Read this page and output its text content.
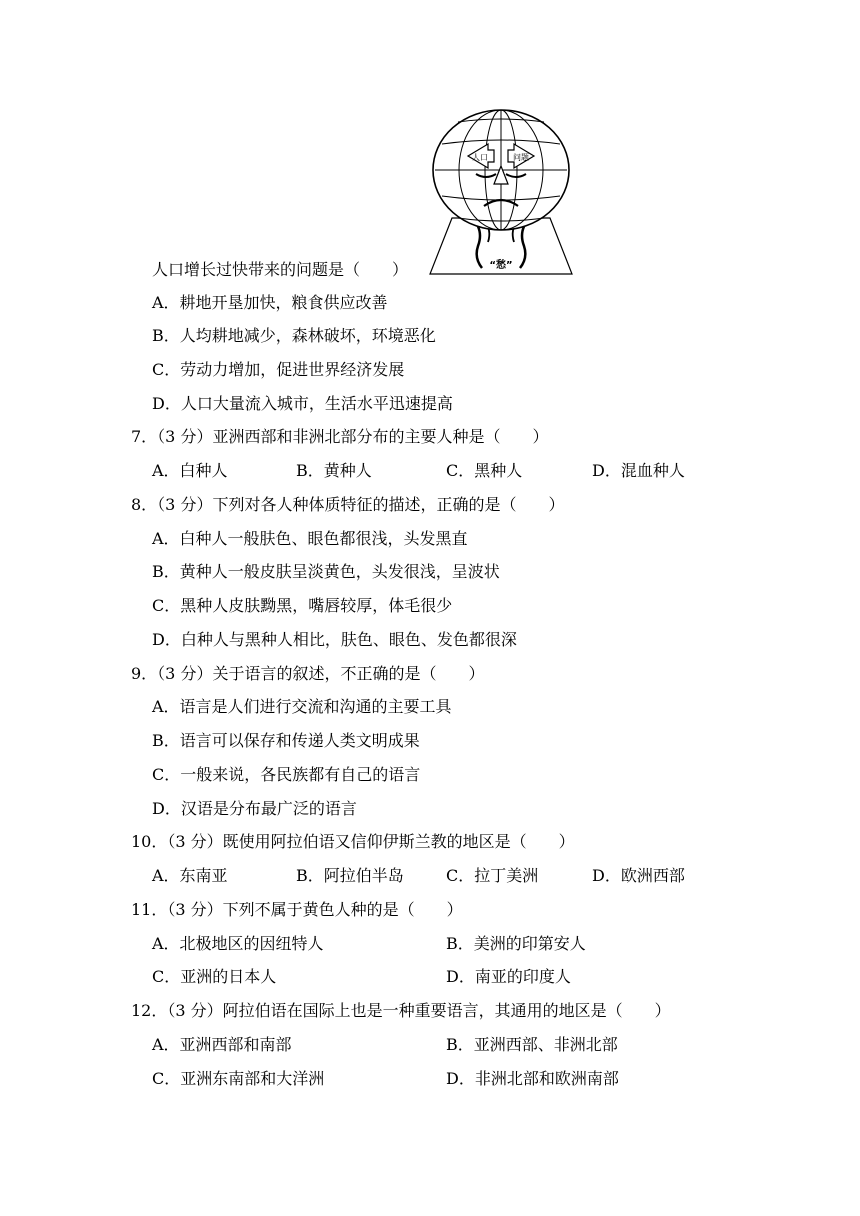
人口	问题
“愁”
人口增长过快带来的问题是（　　）
A．耕地开垦加快，粮食供应改善
B．人均耕地减少，森林破坏，环境恶化
C．劳动力增加，促进世界经济发展
D．人口大量流入城市，生活水平迅速提高
7．（3 分）亚洲西部和非洲北部分布的主要人种是（　　）
A．白种人	B．黄种人	C．黑种人	D．混血种人
8．（3 分）下列对各人种体质特征的描述，正确的是（　　）
A．白种人一般肤色、眼色都很浅，头发黑直
B．黄种人一般皮肤呈淡黄色，头发很浅，呈波状
C．黑种人皮肤黝黑，嘴唇较厚，体毛很少
D．白种人与黑种人相比，肤色、眼色、发色都很深
9．（3 分）关于语言的叙述，不正确的是（　　）
A．语言是人们进行交流和沟通的主要工具
B．语言可以保存和传递人类文明成果
C．一般来说，各民族都有自己的语言
D．汉语是分布最广泛的语言
10．（3 分）既使用阿拉伯语又信仰伊斯兰教的地区是（　　）
A．东南亚	B．阿拉伯半岛	C．拉丁美洲	D．欧洲西部
11．（3 分）下列不属于黄色人种的是（　　）
A．北极地区的因纽特人	B．美洲的印第安人
C．亚洲的日本人	D．南亚的印度人
12．（3 分）阿拉伯语在国际上也是一种重要语言，其通用的地区是（　　）
A．亚洲西部和南部	B．亚洲西部、非洲北部
C．亚洲东南部和大洋洲	D．非洲北部和欧洲南部
